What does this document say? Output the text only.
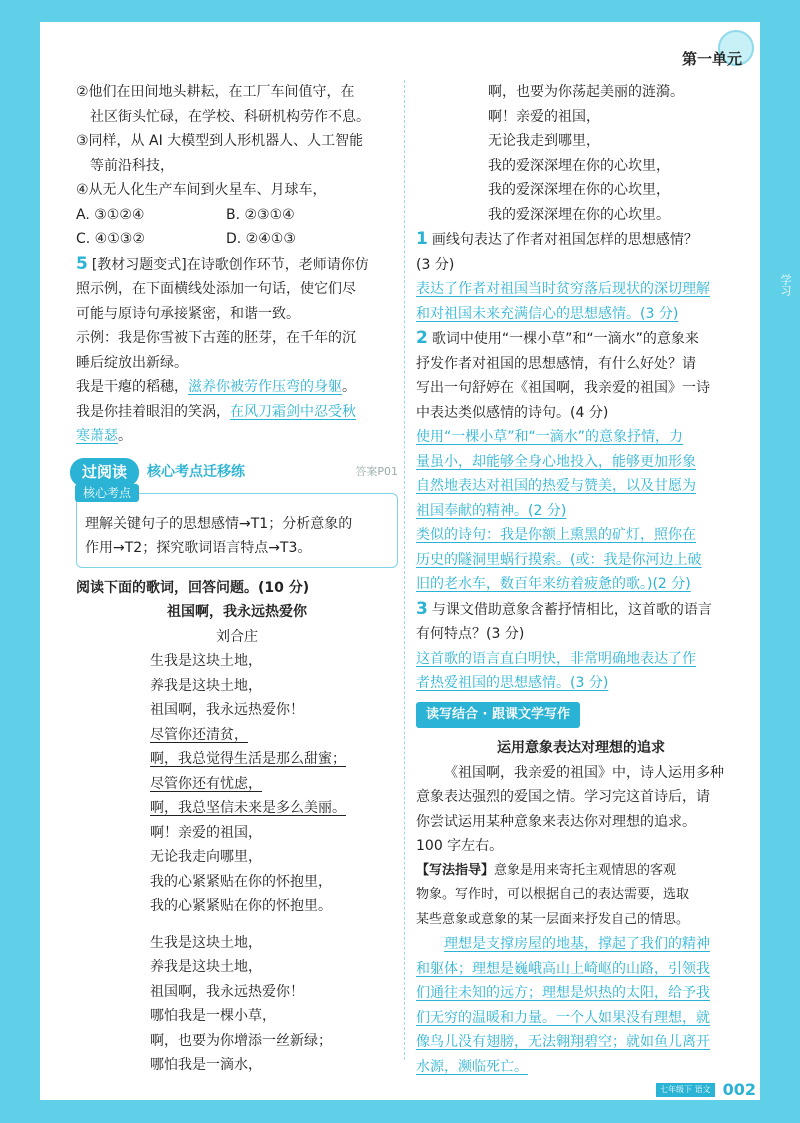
第一单元
学习

②他们在田间地头耕耘，在工厂车间值守，在

社区街头忙碌，在学校、科研机构劳作不息。

③同样，从 AI 大模型到人形机器人、人工智能

等前沿科技，

④从无人化生产车间到火星车、月球车，

A. ③①②④	B. ②③①④
C. ④①③②	D. ②④①③

5 [教材习题变式]在诗歌创作环节，老师请你仿

照示例，在下面横线处添加一句话，使它们尽

可能与原诗句承接紧密，和谐一致。

示例：我是你雪被下古莲的胚芽，在千年的沉

睡后绽放出新绿。

我是干瘪的稻穗，滋养你被劳作压弯的身躯。

我是你挂着眼泪的笑涡，在风刀霜剑中忍受秋

寒萧瑟。

过阅读	核心考点迁移练	答案P01
核心考点

理解关键句子的思想感情→T1；分析意象的

作用→T2；探究歌词语言特点→T3。

阅读下面的歌词，回答问题。(10 分)

祖国啊，我永远热爱你

刘合庄

生我是这块土地，

养我是这块土地，

祖国啊，我永远热爱你！

尽管你还清贫，

啊，我总觉得生活是那么甜蜜；

尽管你还有忧虑，

啊，我总坚信未来是多么美丽。

啊！亲爱的祖国，

无论我走向哪里，

我的心紧紧贴在你的怀抱里，

我的心紧紧贴在你的怀抱里。

生我是这块土地，

养我是这块土地，

祖国啊，我永远热爱你！

哪怕我是一棵小草，

啊，也要为你增添一丝新绿；

哪怕我是一滴水，

啊，也要为你荡起美丽的涟漪。

啊！亲爱的祖国，

无论我走到哪里，

我的爱深深埋在你的心坎里，

我的爱深深埋在你的心坎里，

我的爱深深埋在你的心坎里。

1 画线句表达了作者对祖国怎样的思想感情？

(3 分)

表达了作者对祖国当时贫穷落后现状的深切理解

和对祖国未来充满信心的思想感情。(3 分)

2 歌词中使用“一棵小草”和“一滴水”的意象来

抒发作者对祖国的思想感情，有什么好处？请

写出一句舒婷在《祖国啊，我亲爱的祖国》一诗

中表达类似感情的诗句。(4 分)

使用“一棵小草”和“一滴水”的意象抒情，力

量虽小，却能够全身心地投入，能够更加形象

自然地表达对祖国的热爱与赞美，以及甘愿为

祖国奉献的精神。(2 分)

类似的诗句：我是你额上熏黑的矿灯，照你在

历史的隧洞里蜗行摸索。(或：我是你河边上破

旧的老水车，数百年来纺着疲惫的歌。)(2 分)

3 与课文借助意象含蓄抒情相比，这首歌的语言

有何特点？(3 分)

这首歌的语言直白明快，非常明确地表达了作

者热爱祖国的思想感情。(3 分)

读写结合 · 跟课文学写作

运用意象表达对理想的追求

《祖国啊，我亲爱的祖国》中，诗人运用多种

意象表达强烈的爱国之情。学习完这首诗后，请

你尝试运用某种意象来表达你对理想的追求。

100 字左右。

【写法指导】意象是用来寄托主观情思的客观

物象。写作时，可以根据自己的表达需要，选取

某些意象或意象的某一层面来抒发自己的情思。

理想是支撑房屋的地基，撑起了我们的精神

和躯体；理想是巍峨高山上崎岖的山路，引领我

们通往未知的远方；理想是炽热的太阳，给予我

们无穷的温暖和力量。一个人如果没有理想，就

像鸟儿没有翅膀，无法翱翔碧空；就如鱼儿离开

水源，濒临死亡。

七年级下 语文 002
